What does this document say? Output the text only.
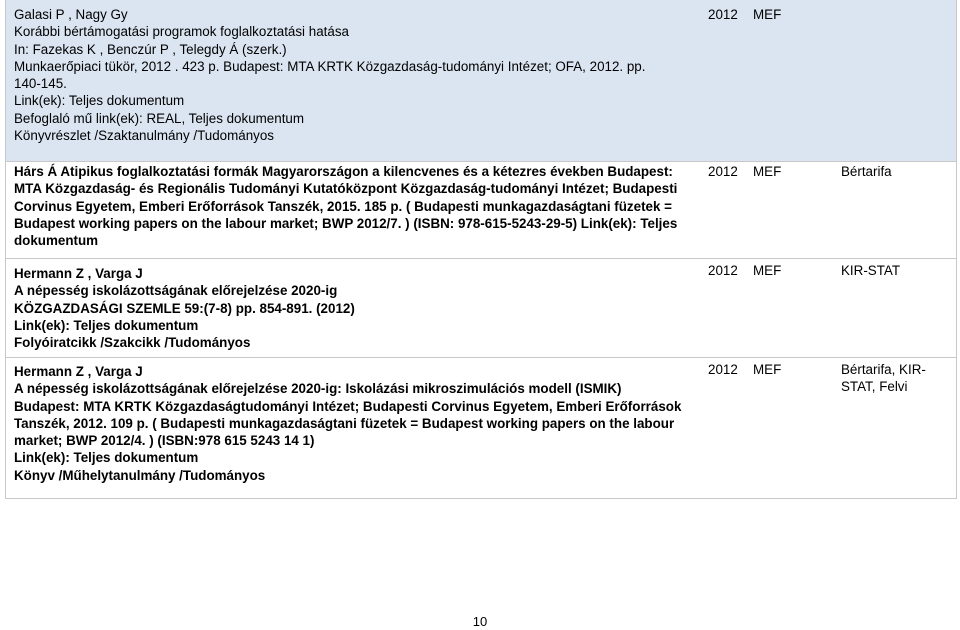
Galasi P , Nagy Gy
Korábbi bértámogatási programok foglalkoztatási hatása
In: Fazekas K , Benczúr P , Telegdy Á (szerk.)
Munkaerőpiaci tükör, 2012 . 423 p. Budapest: MTA KRTK Közgazdaság-tudományi Intézet; OFA, 2012. pp.
140-145.
Link(ek): Teljes dokumentum
Befoglaló mű link(ek): REAL, Teljes dokumentum
Könyvrészlet /Szaktanulmány /Tudományos
2012 MEF
Hárs Á Atipikus foglalkoztatási formák Magyarországon a kilencvenes és a kétezres években Budapest:
MTA Közgazdaság- és Regionális Tudományi Kutatóközpont Közgazdaság-tudományi Intézet; Budapesti
Corvinus Egyetem, Emberi Erőforrások Tanszék, 2015. 185 p. ( Budapesti munkagazdaságtani füzetek =
Budapest working papers on the labour market; BWP 2012/7. ) (ISBN: 978-615-5243-29-5) Link(ek): Teljes
dokumentum
2012 MEF	Bértarifa
Hermann Z , Varga J
A népesség iskolázottságának előrejelzése 2020-ig
KÖZGAZDASÁGI SZEMLE 59:(7-8) pp. 854-891. (2012)
Link(ek): Teljes dokumentum
Folyóiratcikk /Szakcikk /Tudományos
2012 MEF	KIR-STAT
Hermann Z , Varga J
A népesség iskolázottságának előrejelzése 2020-ig: Iskolázási mikroszimulációs modell (ISMIK)
Budapest: MTA KRTK Közgazdaságtudományi Intézet; Budapesti Corvinus Egyetem, Emberi Erőforrások
Tanszék, 2012. 109 p. ( Budapesti munkagazdaságtani füzetek = Budapest working papers on the labour
market; BWP 2012/4. ) (ISBN:978 615 5243 14 1)
Link(ek): Teljes dokumentum
Könyv /Műhelytanulmány /Tudományos
2012 MEF	Bértarifa, KIR-STAT, Felvi
10
